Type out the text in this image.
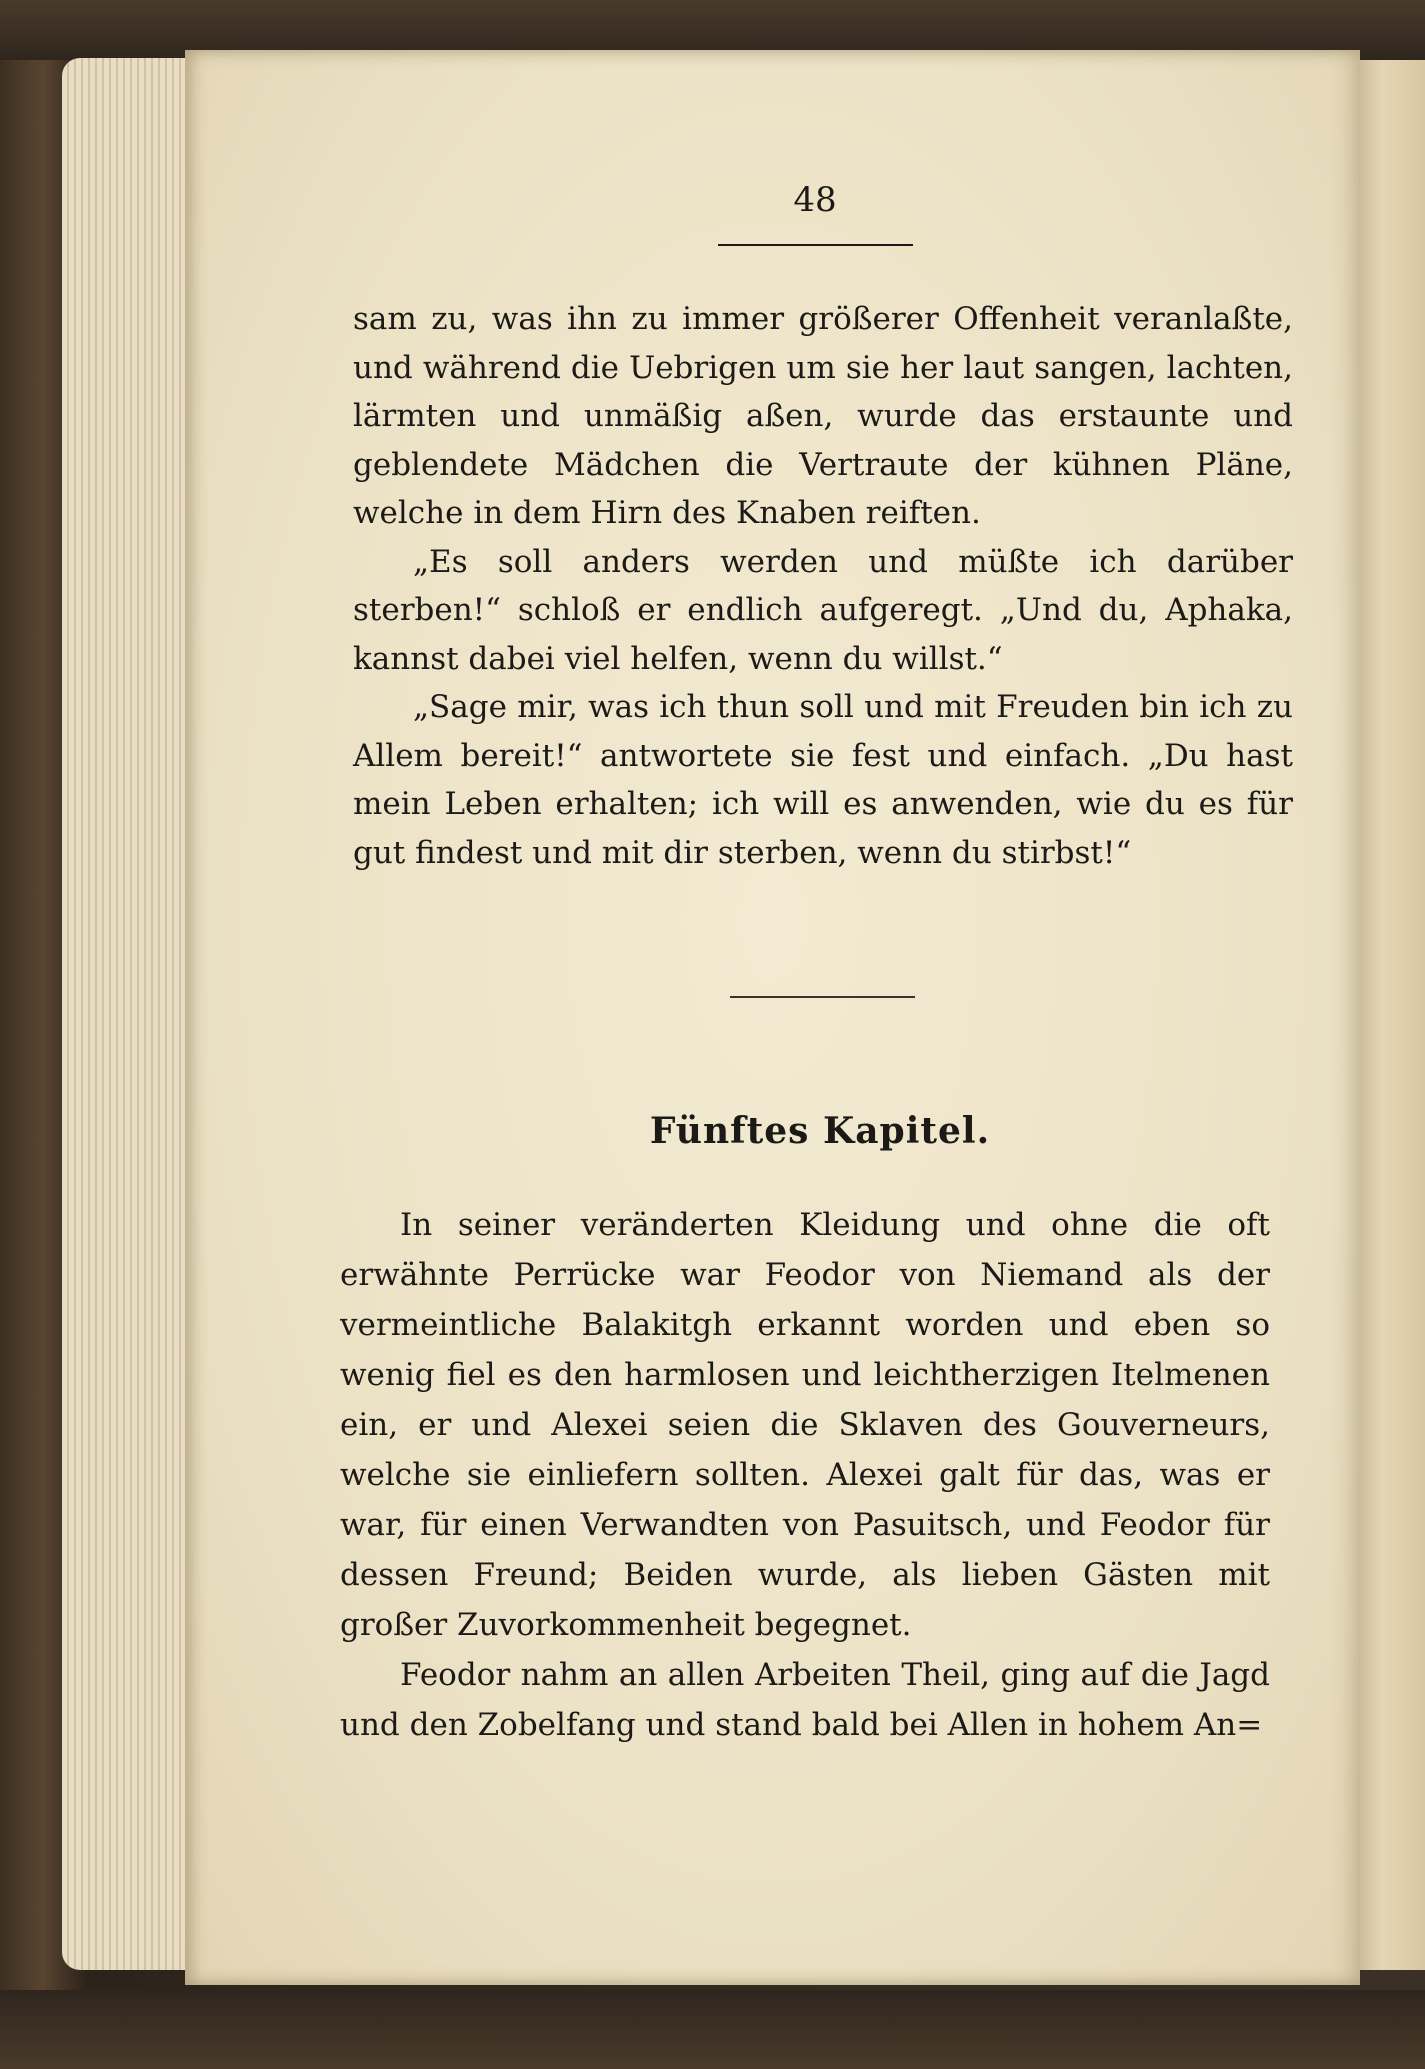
48

sam zu, was ihn zu immer größerer Offenheit veranlaßte, und während die Uebrigen um sie her laut sangen, lachten, lärmten und unmäßig aßen, wurde das erstaunte und geblendete Mädchen die Vertraute der kühnen Pläne, welche in dem Hirn des Knaben reiften.

„Es soll anders werden und müßte ich darüber sterben!“ schloß er endlich aufgeregt. „Und du, Aphaka, kannst dabei viel helfen, wenn du willst.“

„Sage mir, was ich thun soll und mit Freuden bin ich zu Allem bereit!“ antwortete sie fest und einfach. „Du hast mein Leben erhalten; ich will es anwenden, wie du es für gut findest und mit dir sterben, wenn du stirbst!“

Fünftes Kapitel.

In seiner veränderten Kleidung und ohne die oft erwähnte Perrücke war Feodor von Niemand als der vermeintliche Balakitgh erkannt worden und eben so wenig fiel es den harmlosen und leichtherzigen Itelmenen ein, er und Alexei seien die Sklaven des Gouverneurs, welche sie einliefern sollten. Alexei galt für das, was er war, für einen Verwandten von Pasuitsch, und Feodor für dessen Freund; Beiden wurde, als lieben Gästen mit großer Zuvorkommenheit begegnet.

Feodor nahm an allen Arbeiten Theil, ging auf die Jagd und den Zobelfang und stand bald bei Allen in hohem An=
